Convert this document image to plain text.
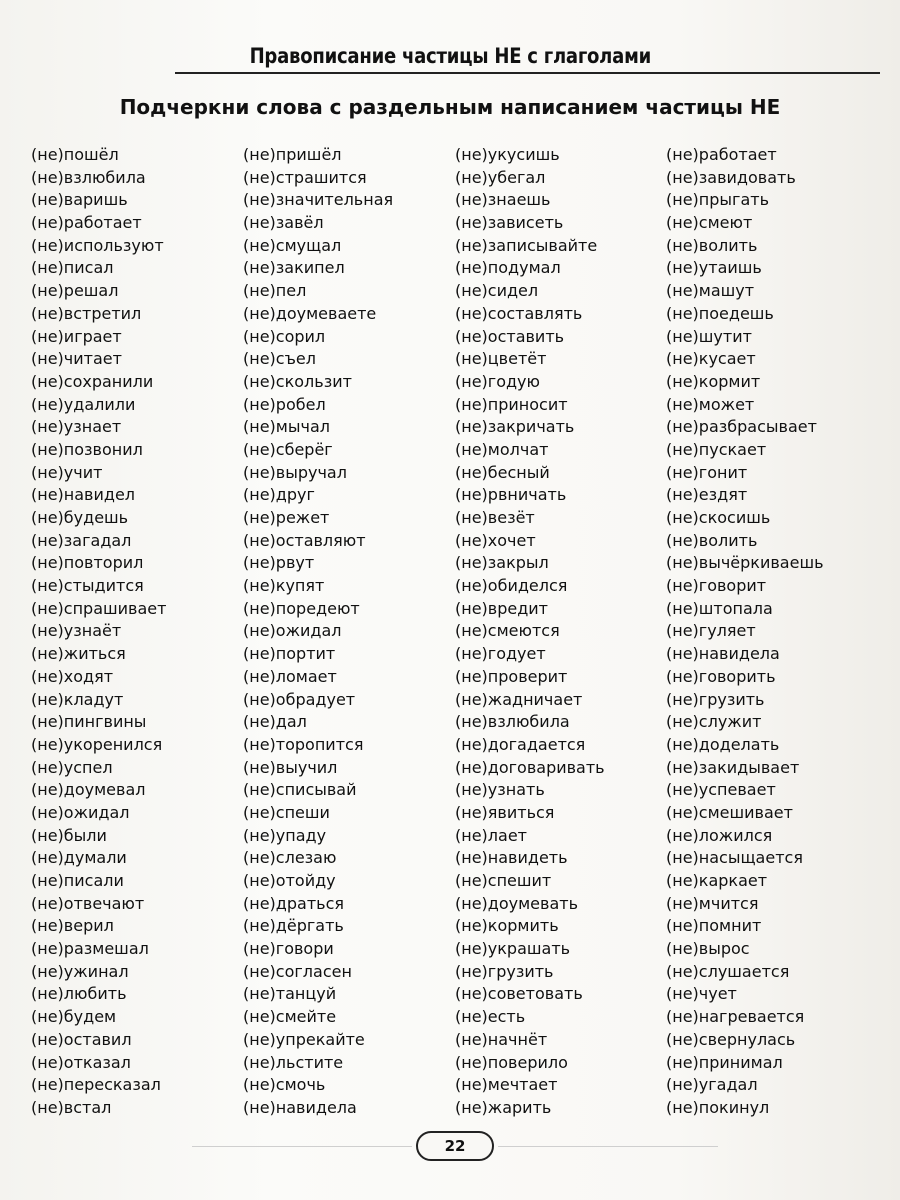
Правописание частицы НЕ с глаголами
Подчеркни слова с раздельным написанием частицы НЕ
(не)пошёл
(не)взлюбила
(не)варишь
(не)работает
(не)используют
(не)писал
(не)решал
(не)встретил
(не)играет
(не)читает
(не)сохранили
(не)удалили
(не)узнает
(не)позвонил
(не)учит
(не)навидел
(не)будешь
(не)загадал
(не)повторил
(не)стыдится
(не)спрашивает
(не)узнаёт
(не)житься
(не)ходят
(не)кладут
(не)пингвины
(не)укоренился
(не)успел
(не)доумевал
(не)ожидал
(не)были
(не)думали
(не)писали
(не)отвечают
(не)верил
(не)размешал
(не)ужинал
(не)любить
(не)будем
(не)оставил
(не)отказал
(не)пересказал
(не)встал
(не)пришёл
(не)страшится
(не)значительная
(не)завёл
(не)смущал
(не)закипел
(не)пел
(не)доумеваете
(не)сорил
(не)съел
(не)скользит
(не)робел
(не)мычал
(не)сберёг
(не)выручал
(не)друг
(не)режет
(не)оставляют
(не)рвут
(не)купят
(не)поредеют
(не)ожидал
(не)портит
(не)ломает
(не)обрадует
(не)дал
(не)торопится
(не)выучил
(не)списывай
(не)спеши
(не)упаду
(не)слезаю
(не)отойду
(не)драться
(не)дёргать
(не)говори
(не)согласен
(не)танцуй
(не)смейте
(не)упрекайте
(не)льстите
(не)смочь
(не)навидела
(не)укусишь
(не)убегал
(не)знаешь
(не)зависеть
(не)записывайте
(не)подумал
(не)сидел
(не)составлять
(не)оставить
(не)цветёт
(не)годую
(не)приносит
(не)закричать
(не)молчат
(не)бесный
(не)рвничать
(не)везёт
(не)хочет
(не)закрыл
(не)обиделся
(не)вредит
(не)смеются
(не)годует
(не)проверит
(не)жадничает
(не)взлюбила
(не)догадается
(не)договаривать
(не)узнать
(не)явиться
(не)лает
(не)навидеть
(не)спешит
(не)доумевать
(не)кормить
(не)украшать
(не)грузить
(не)советовать
(не)есть
(не)начнёт
(не)поверило
(не)мечтает
(не)жарить
(не)работает
(не)завидовать
(не)прыгать
(не)смеют
(не)волить
(не)утаишь
(не)машут
(не)поедешь
(не)шутит
(не)кусает
(не)кормит
(не)может
(не)разбрасывает
(не)пускает
(не)гонит
(не)ездят
(не)скосишь
(не)волить
(не)вычёркиваешь
(не)говорит
(не)штопала
(не)гуляет
(не)навидела
(не)говорить
(не)грузить
(не)служит
(не)доделать
(не)закидывает
(не)успевает
(не)смешивает
(не)ложился
(не)насыщается
(не)каркает
(не)мчится
(не)помнит
(не)вырос
(не)слушается
(не)чует
(не)нагревается
(не)свернулась
(не)принимал
(не)угадал
(не)покинул
22
